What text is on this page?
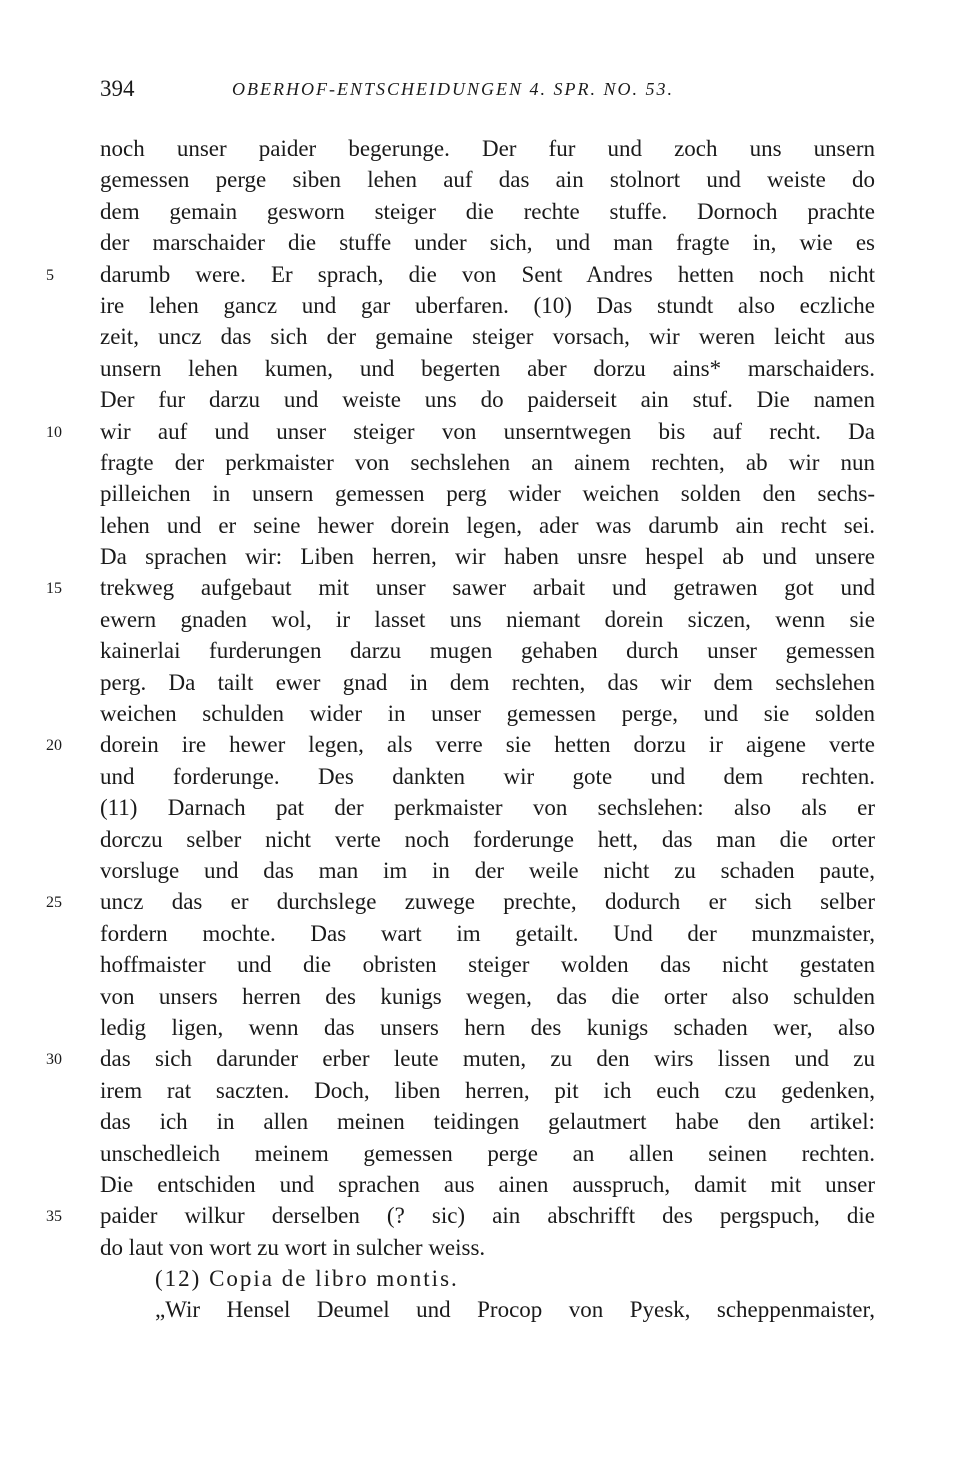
394	OBERHOF-ENTSCHEIDUNGEN 4. SPR. NO. 53.
noch unser paider begerunge. Der fur und zoch uns unsern
gemessen perge siben lehen auf das ain stolnort und weiste do
dem gemain gesworn steiger die rechte stuffe. Dornoch prachte
der marschaider die stuffe under sich, und man fragte in, wie es
darumb were. Er sprach, die von Sent Andres hetten noch nicht
5
ire lehen gancz und gar uberfaren. (10) Das stundt also eczliche
zeit, uncz das sich der gemaine steiger vorsach, wir weren leicht aus
unsern lehen kumen, und begerten aber dorzu ains* marschaiders.
Der fur darzu und weiste uns do paiderseit ain stuf. Die namen
wir auf und unser steiger von unserntwegen bis auf recht. Da
10
fragte der perkmaister von sechslehen an ainem rechten, ab wir nun
pilleichen in unsern gemessen perg wider weichen solden den sechs-
lehen und er seine hewer dorein legen, ader was darumb ain recht sei.
Da sprachen wir: Liben herren, wir haben unsre hespel ab und unsere
trekweg aufgebaut mit unser sawer arbait und getrawen got und
15
ewern gnaden wol, ir lasset uns niemant dorein siczen, wenn sie
kainerlai furderungen darzu mugen gehaben durch unser gemessen
perg. Da tailt ewer gnad in dem rechten, das wir dem sechslehen
weichen schulden wider in unser gemessen perge, und sie solden
dorein ire hewer legen, als verre sie hetten dorzu ir aigene verte
20
und forderunge. Des dankten wir gote und dem rechten.
(11) Darnach pat der perkmaister von sechslehen: also als er
dorczu selber nicht verte noch forderunge hett, das man die orter
vorsluge und das man im in der weile nicht zu schaden paute,
uncz das er durchslege zuwege prechte, dodurch er sich selber
25
fordern mochte. Das wart im getailt. Und der munzmaister,
hoffmaister und die obristen steiger wolden das nicht gestaten
von unsers herren des kunigs wegen, das die orter also schulden
ledig ligen, wenn das unsers hern des kunigs schaden wer, also
das sich darunder erber leute muten, zu den wirs lissen und zu
30
irem rat saczten. Doch, liben herren, pit ich euch czu gedenken,
das ich in allen meinen teidingen gelautmert habe den artikel:
unschedleich meinem gemessen perge an allen seinen rechten.
Die entschiden und sprachen aus ainen ausspruch, damit mit unser
paider wilkur derselben (? sic) ain abschrifft des pergspuch, die
35
do laut von wort zu wort in sulcher weiss.
(12) Copia de libro montis.
„Wir Hensel Deumel und Procop von Pyesk, scheppenmaister,
